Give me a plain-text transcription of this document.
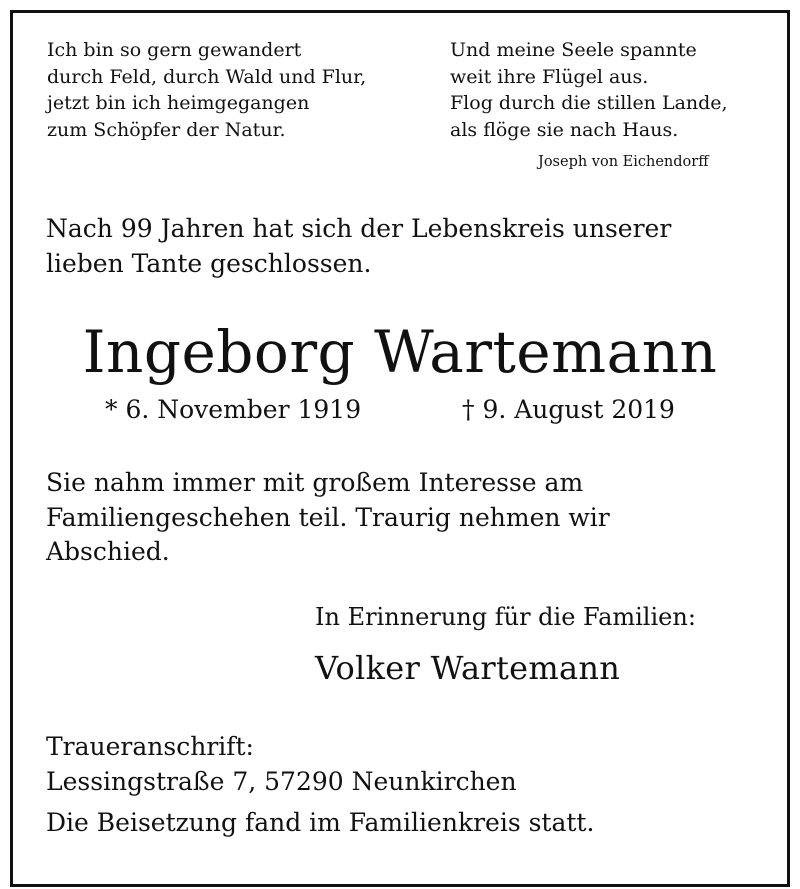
Ich bin so gern gewandert
durch Feld, durch Wald und Flur,
jetzt bin ich heimgegangen
zum Schöpfer der Natur.
Und meine Seele spannte
weit ihre Flügel aus.
Flog durch die stillen Lande,
als flöge sie nach Haus.
Joseph von Eichendorff
Nach 99 Jahren hat sich der Lebenskreis unserer
lieben Tante geschlossen.
Ingeborg Wartemann
* 6. November 1919	† 9. August 2019
Sie nahm immer mit großem Interesse am
Familiengeschehen teil. Traurig nehmen wir
Abschied.
In Erinnerung für die Familien:
Volker Wartemann
Traueranschrift:
Lessingstraße 7, 57290 Neunkirchen
Die Beisetzung fand im Familienkreis statt.
